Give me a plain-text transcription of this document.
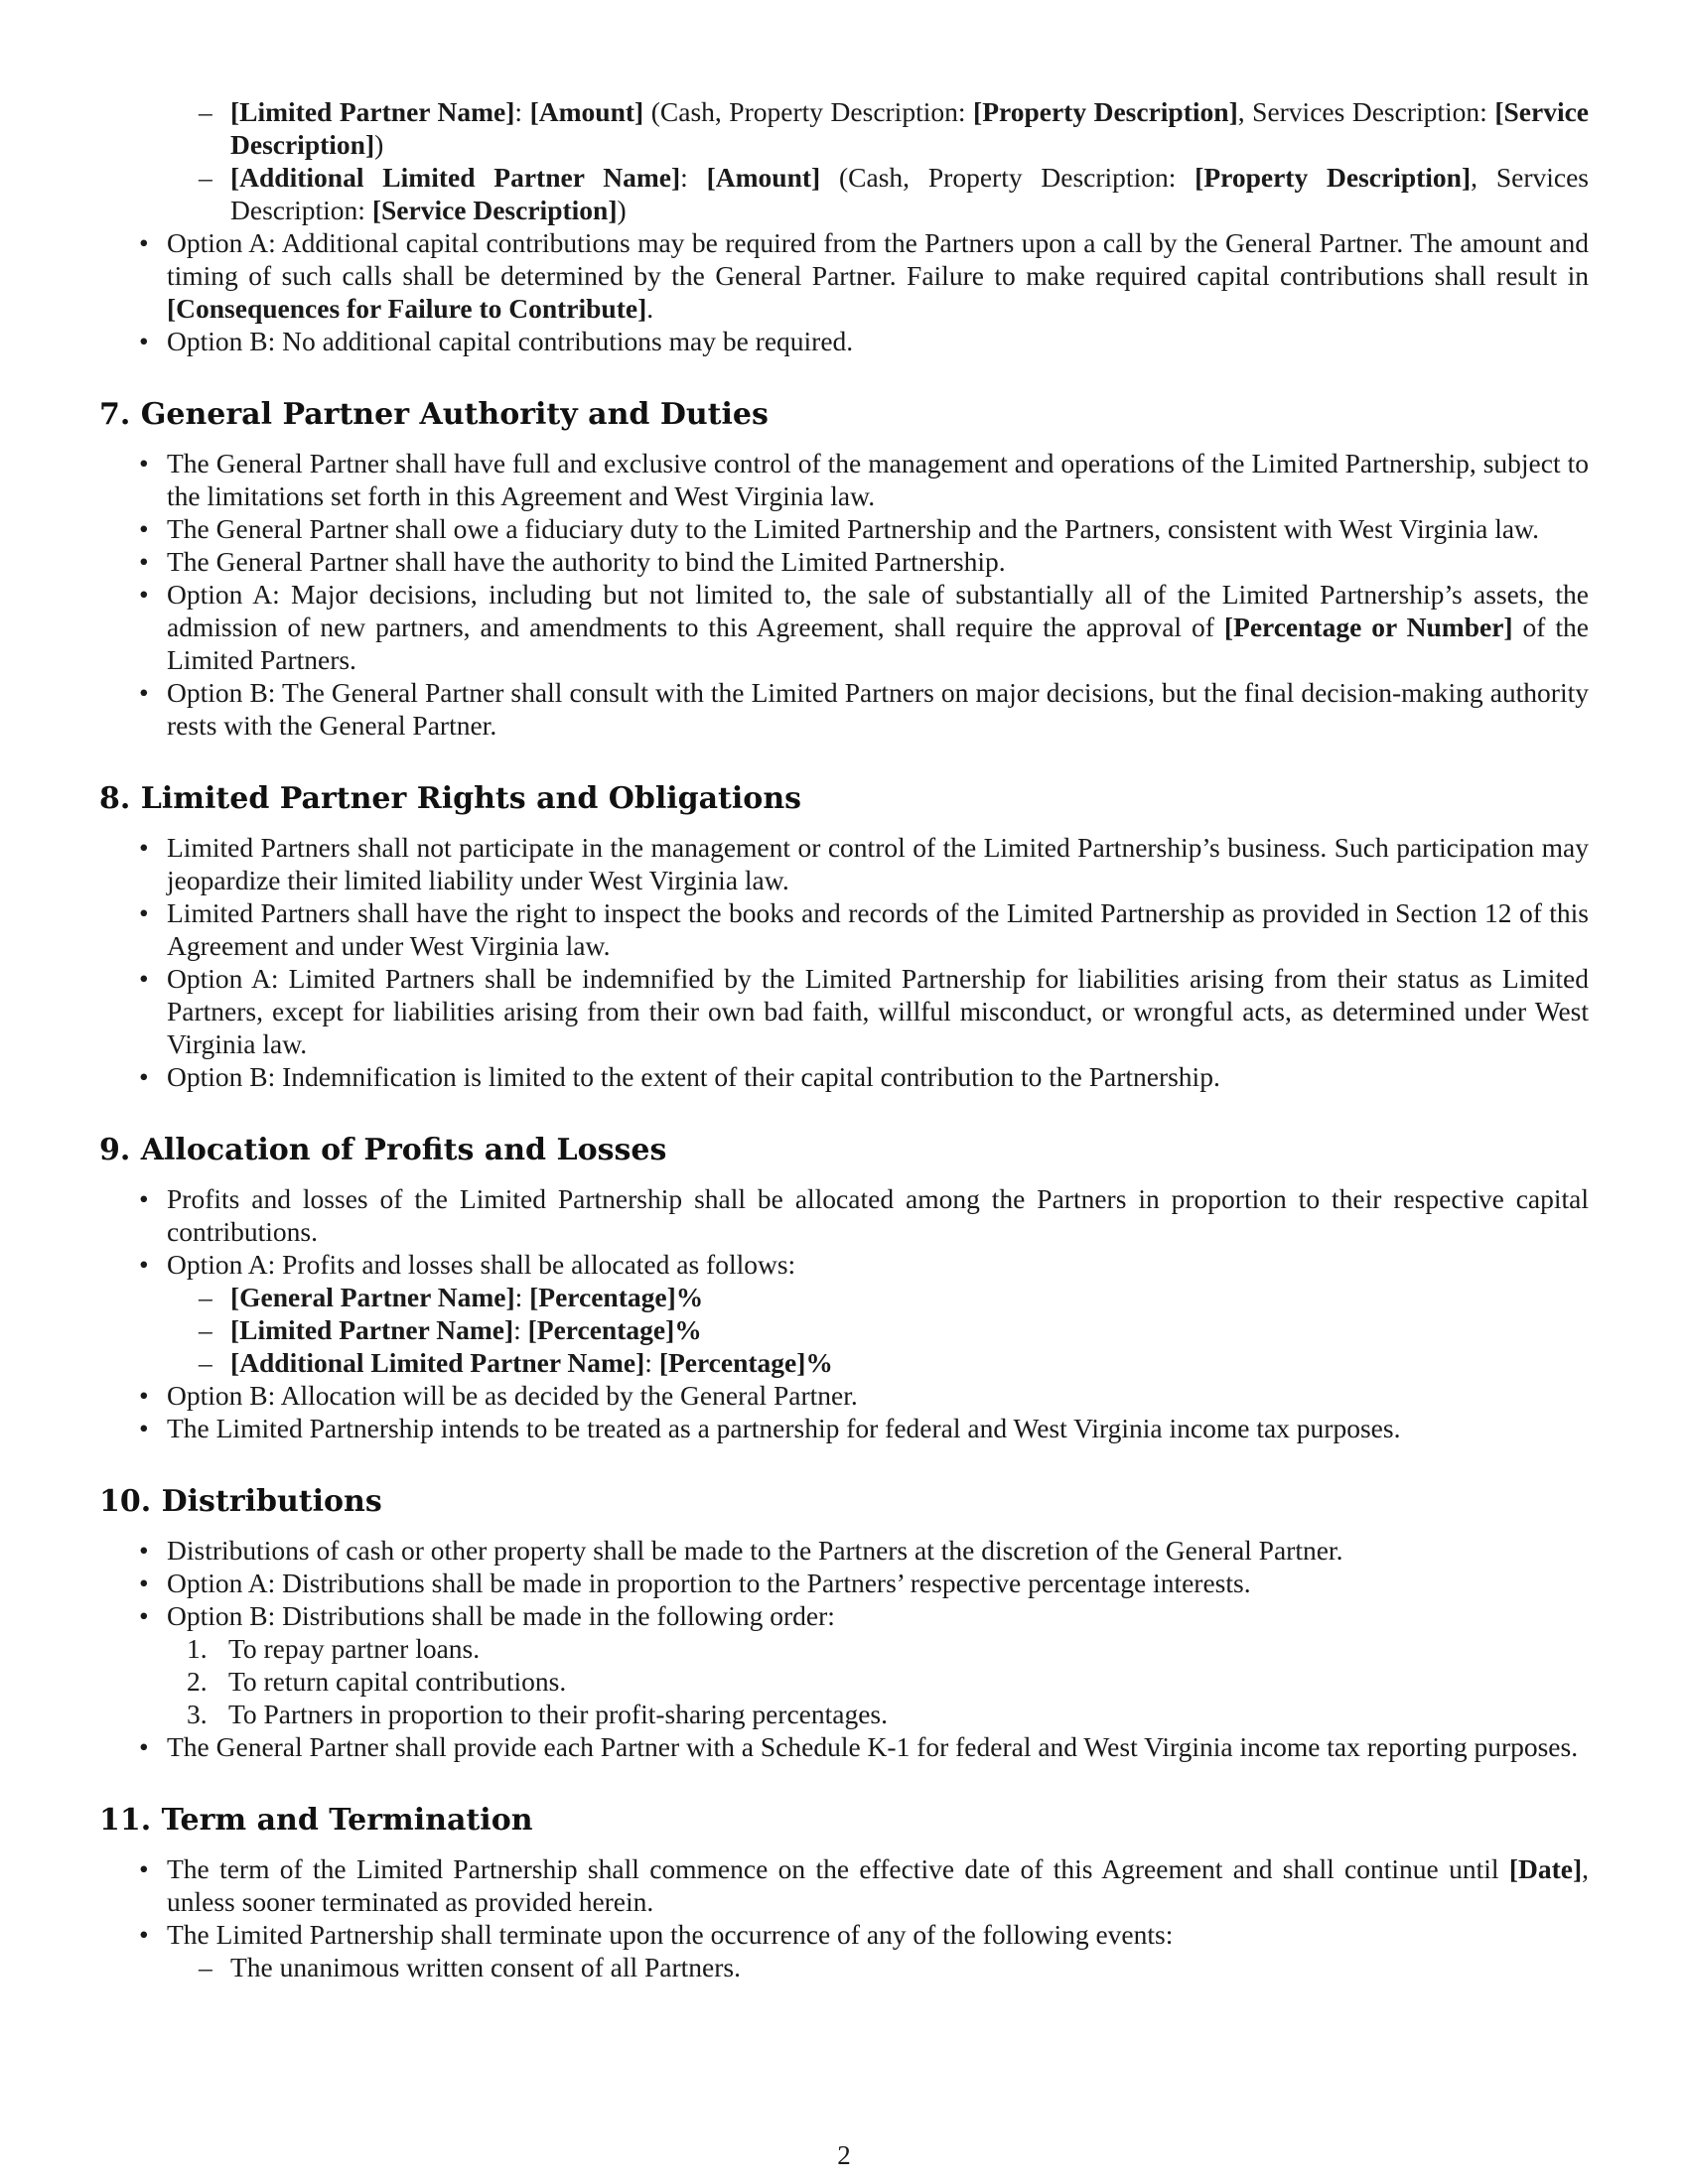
– [Limited Partner Name]: [Amount] (Cash, Property Description: [Property Description], Services Description: [Service Description])
– [Additional Limited Partner Name]: [Amount] (Cash, Property Description: [Property Description], Services Description: [Service Description])
• Option A: Additional capital contributions may be required from the Partners upon a call by the General Partner. The amount and timing of such calls shall be determined by the General Partner. Failure to make required capital contributions shall result in [Consequences for Failure to Contribute].
• Option B: No additional capital contributions may be required.
7. General Partner Authority and Duties
• The General Partner shall have full and exclusive control of the management and operations of the Limited Partnership, subject to the limitations set forth in this Agreement and West Virginia law.
• The General Partner shall owe a fiduciary duty to the Limited Partnership and the Partners, consistent with West Virginia law.
• The General Partner shall have the authority to bind the Limited Partnership.
• Option A: Major decisions, including but not limited to, the sale of substantially all of the Limited Partnership’s assets, the admission of new partners, and amendments to this Agreement, shall require the approval of [Percentage or Number] of the Limited Partners.
• Option B: The General Partner shall consult with the Limited Partners on major decisions, but the final decision-making authority rests with the General Partner.
8. Limited Partner Rights and Obligations
• Limited Partners shall not participate in the management or control of the Limited Partnership’s business. Such participation may jeopardize their limited liability under West Virginia law.
• Limited Partners shall have the right to inspect the books and records of the Limited Partnership as provided in Section 12 of this Agreement and under West Virginia law.
• Option A: Limited Partners shall be indemnified by the Limited Partnership for liabilities arising from their status as Limited Partners, except for liabilities arising from their own bad faith, willful misconduct, or wrongful acts, as determined under West Virginia law.
• Option B: Indemnification is limited to the extent of their capital contribution to the Partnership.
9. Allocation of Profits and Losses
• Profits and losses of the Limited Partnership shall be allocated among the Partners in proportion to their respective capital contributions.
• Option A: Profits and losses shall be allocated as follows:
– [General Partner Name]: [Percentage]%
– [Limited Partner Name]: [Percentage]%
– [Additional Limited Partner Name]: [Percentage]%
• Option B: Allocation will be as decided by the General Partner.
• The Limited Partnership intends to be treated as a partnership for federal and West Virginia income tax purposes.
10. Distributions
• Distributions of cash or other property shall be made to the Partners at the discretion of the General Partner.
• Option A: Distributions shall be made in proportion to the Partners’ respective percentage interests.
• Option B: Distributions shall be made in the following order:
1. To repay partner loans.
2. To return capital contributions.
3. To Partners in proportion to their profit-sharing percentages.
• The General Partner shall provide each Partner with a Schedule K-1 for federal and West Virginia income tax reporting purposes.
11. Term and Termination
• The term of the Limited Partnership shall commence on the effective date of this Agreement and shall continue until [Date], unless sooner terminated as provided herein.
• The Limited Partnership shall terminate upon the occurrence of any of the following events:
– The unanimous written consent of all Partners.
2
